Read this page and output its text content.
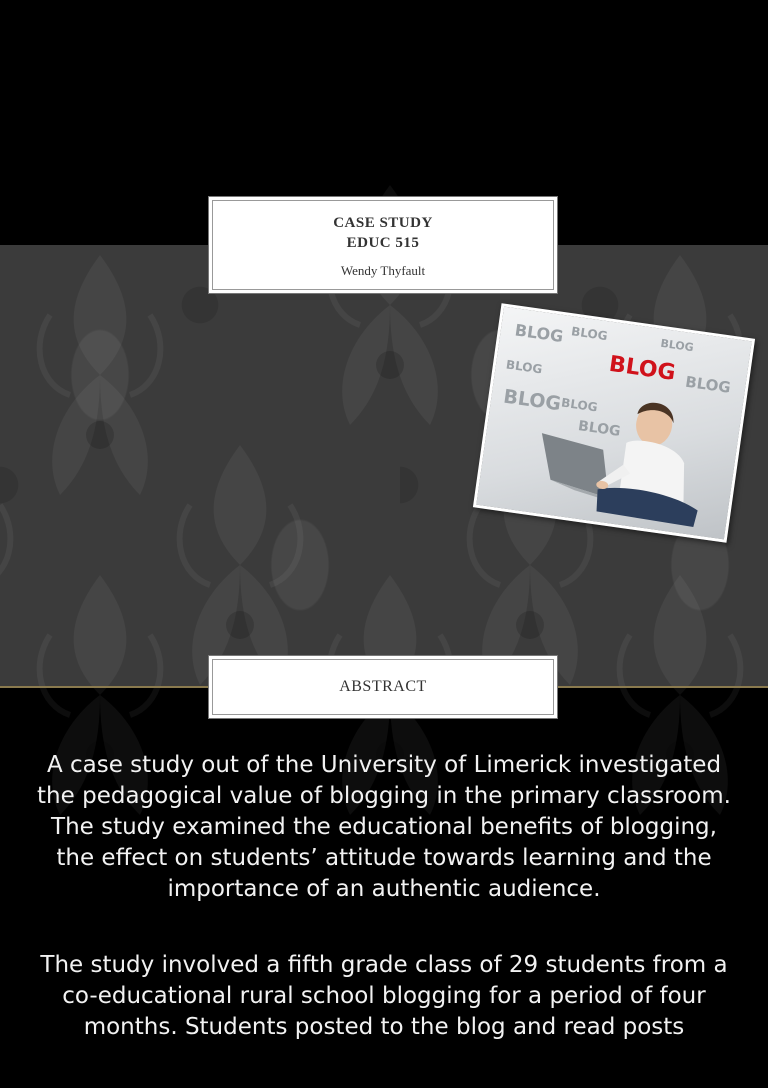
CASE STUDY
EDUC 515
Wendy Thyfault
BLOG BLOG
BLOG
BLOG
BLOG
BLOG
BLOG
BLOG
BLOG
ABSTRACT

A case study out of the University of Limerick investigated the pedagogical value of blogging in the primary classroom. The study examined the educational benefits of blogging, the effect on students’ attitude towards learning and the importance of an authentic audience.

The study involved a fifth grade class of 29 students from a co-educational rural school blogging for a period of four months. Students posted to the blog and read posts
